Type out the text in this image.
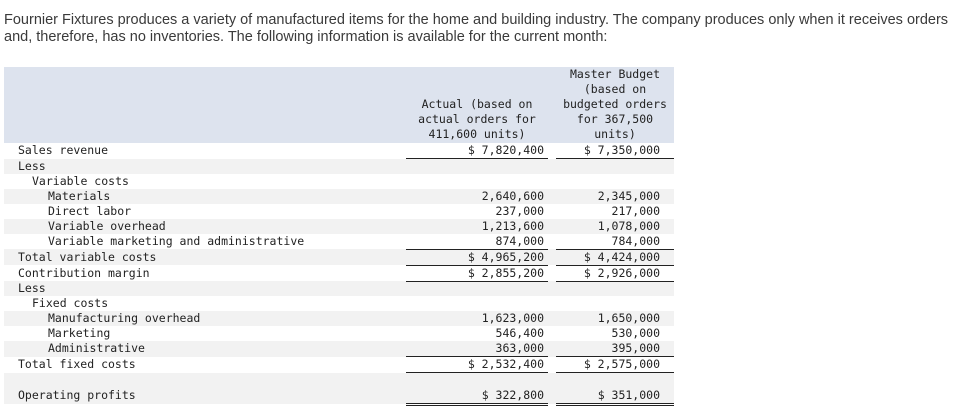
Fournier Fixtures produces a variety of manufactured items for the home and building industry. The company produces only when it receives orders and, therefore, has no inventories. The following information is available for the current month:
	Actual (based on actual orders for 411,600 units)		Master Budget (based on budgeted orders for 367,500 units)
Sales revenue	$ 7,820,400		$ 7,350,000
Less			
Variable costs			
Materials	2,640,600		2,345,000
Direct labor	237,000		217,000
Variable overhead	1,213,600		1,078,000
Variable marketing and administrative	874,000		784,000
Total variable costs	$ 4,965,200		$ 4,424,000
Contribution margin	$ 2,855,200		$ 2,926,000
Less			
Fixed costs			
Manufacturing overhead	1,623,000		1,650,000
Marketing	546,400		530,000
Administrative	363,000		395,000
Total fixed costs	$ 2,532,400		$ 2,575,000

Operating profits	$ 322,800		$ 351,000
